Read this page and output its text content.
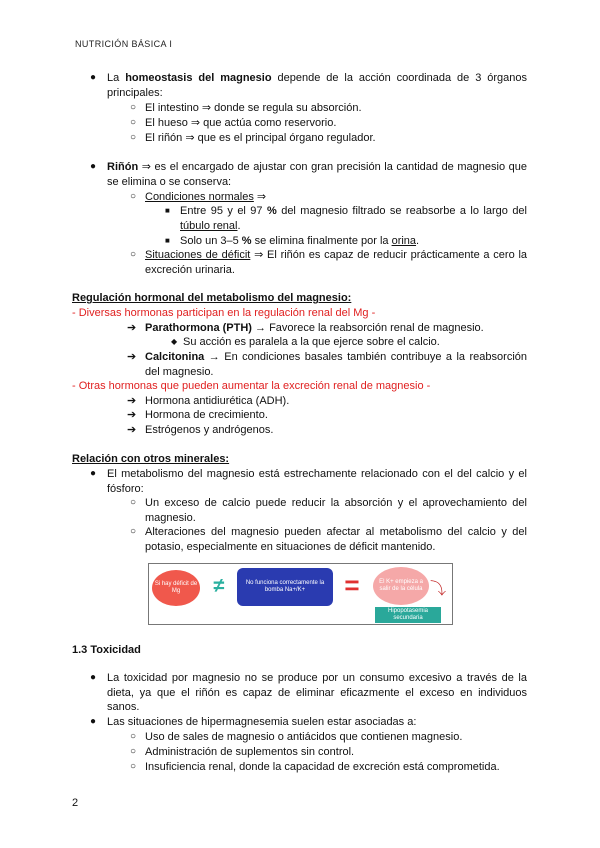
NUTRICIÓN BÁSICA I
● La homeostasis del magnesio depende de la acción coordinada de 3 órganos principales:
○ El intestino ⇒ donde se regula su absorción.
○ El hueso ⇒ que actúa como reservorio.
○ El riñón ⇒ que es el principal órgano regulador.
● Riñón ⇒ es el encargado de ajustar con gran precisión la cantidad de magnesio que se elimina o se conserva:
○ Condiciones normales ⇒
■ Entre 95 y el 97 % del magnesio filtrado se reabsorbe a lo largo del túbulo renal.
■ Solo un 3–5 % se elimina finalmente por la orina.
○ Situaciones de déficit ⇒ El riñón es capaz de reducir prácticamente a cero la excreción urinaria.
Regulación hormonal del metabolismo del magnesio:
- Diversas hormonas participan en la regulación renal del Mg -
➔ Parathormona (PTH) → Favorece la reabsorción renal de magnesio.
◆ Su acción es paralela a la que ejerce sobre el calcio.
➔ Calcitonina → En condiciones basales también contribuye a la reabsorción del magnesio.
- Otras hormonas que pueden aumentar la excreción renal de magnesio -
➔ Hormona antidiurética (ADH).
➔ Hormona de crecimiento.
➔ Estrógenos y andrógenos.
Relación con otros minerales:
● El metabolismo del magnesio está estrechamente relacionado con el del calcio y el fósforo:
○ Un exceso de calcio puede reducir la absorción y el aprovechamiento del magnesio.
○ Alteraciones del magnesio pueden afectar al metabolismo del calcio y del potasio, especialmente en situaciones de déficit mantenido.
Si hay déficit de Mg	≠	No funciona correctamente la bomba Na+/K+	=	El K+ empieza a salir de la célula ⤵
Hipopotasemia secundaria
1.3 Toxicidad
● La toxicidad por magnesio no se produce por un consumo excesivo a través de la dieta, ya que el riñón es capaz de eliminar eficazmente el exceso en individuos sanos.
● Las situaciones de hipermagnesemia suelen estar asociadas a:
○ Uso de sales de magnesio o antiácidos que contienen magnesio.
○ Administración de suplementos sin control.
○ Insuficiencia renal, donde la capacidad de excreción está comprometida.
2
